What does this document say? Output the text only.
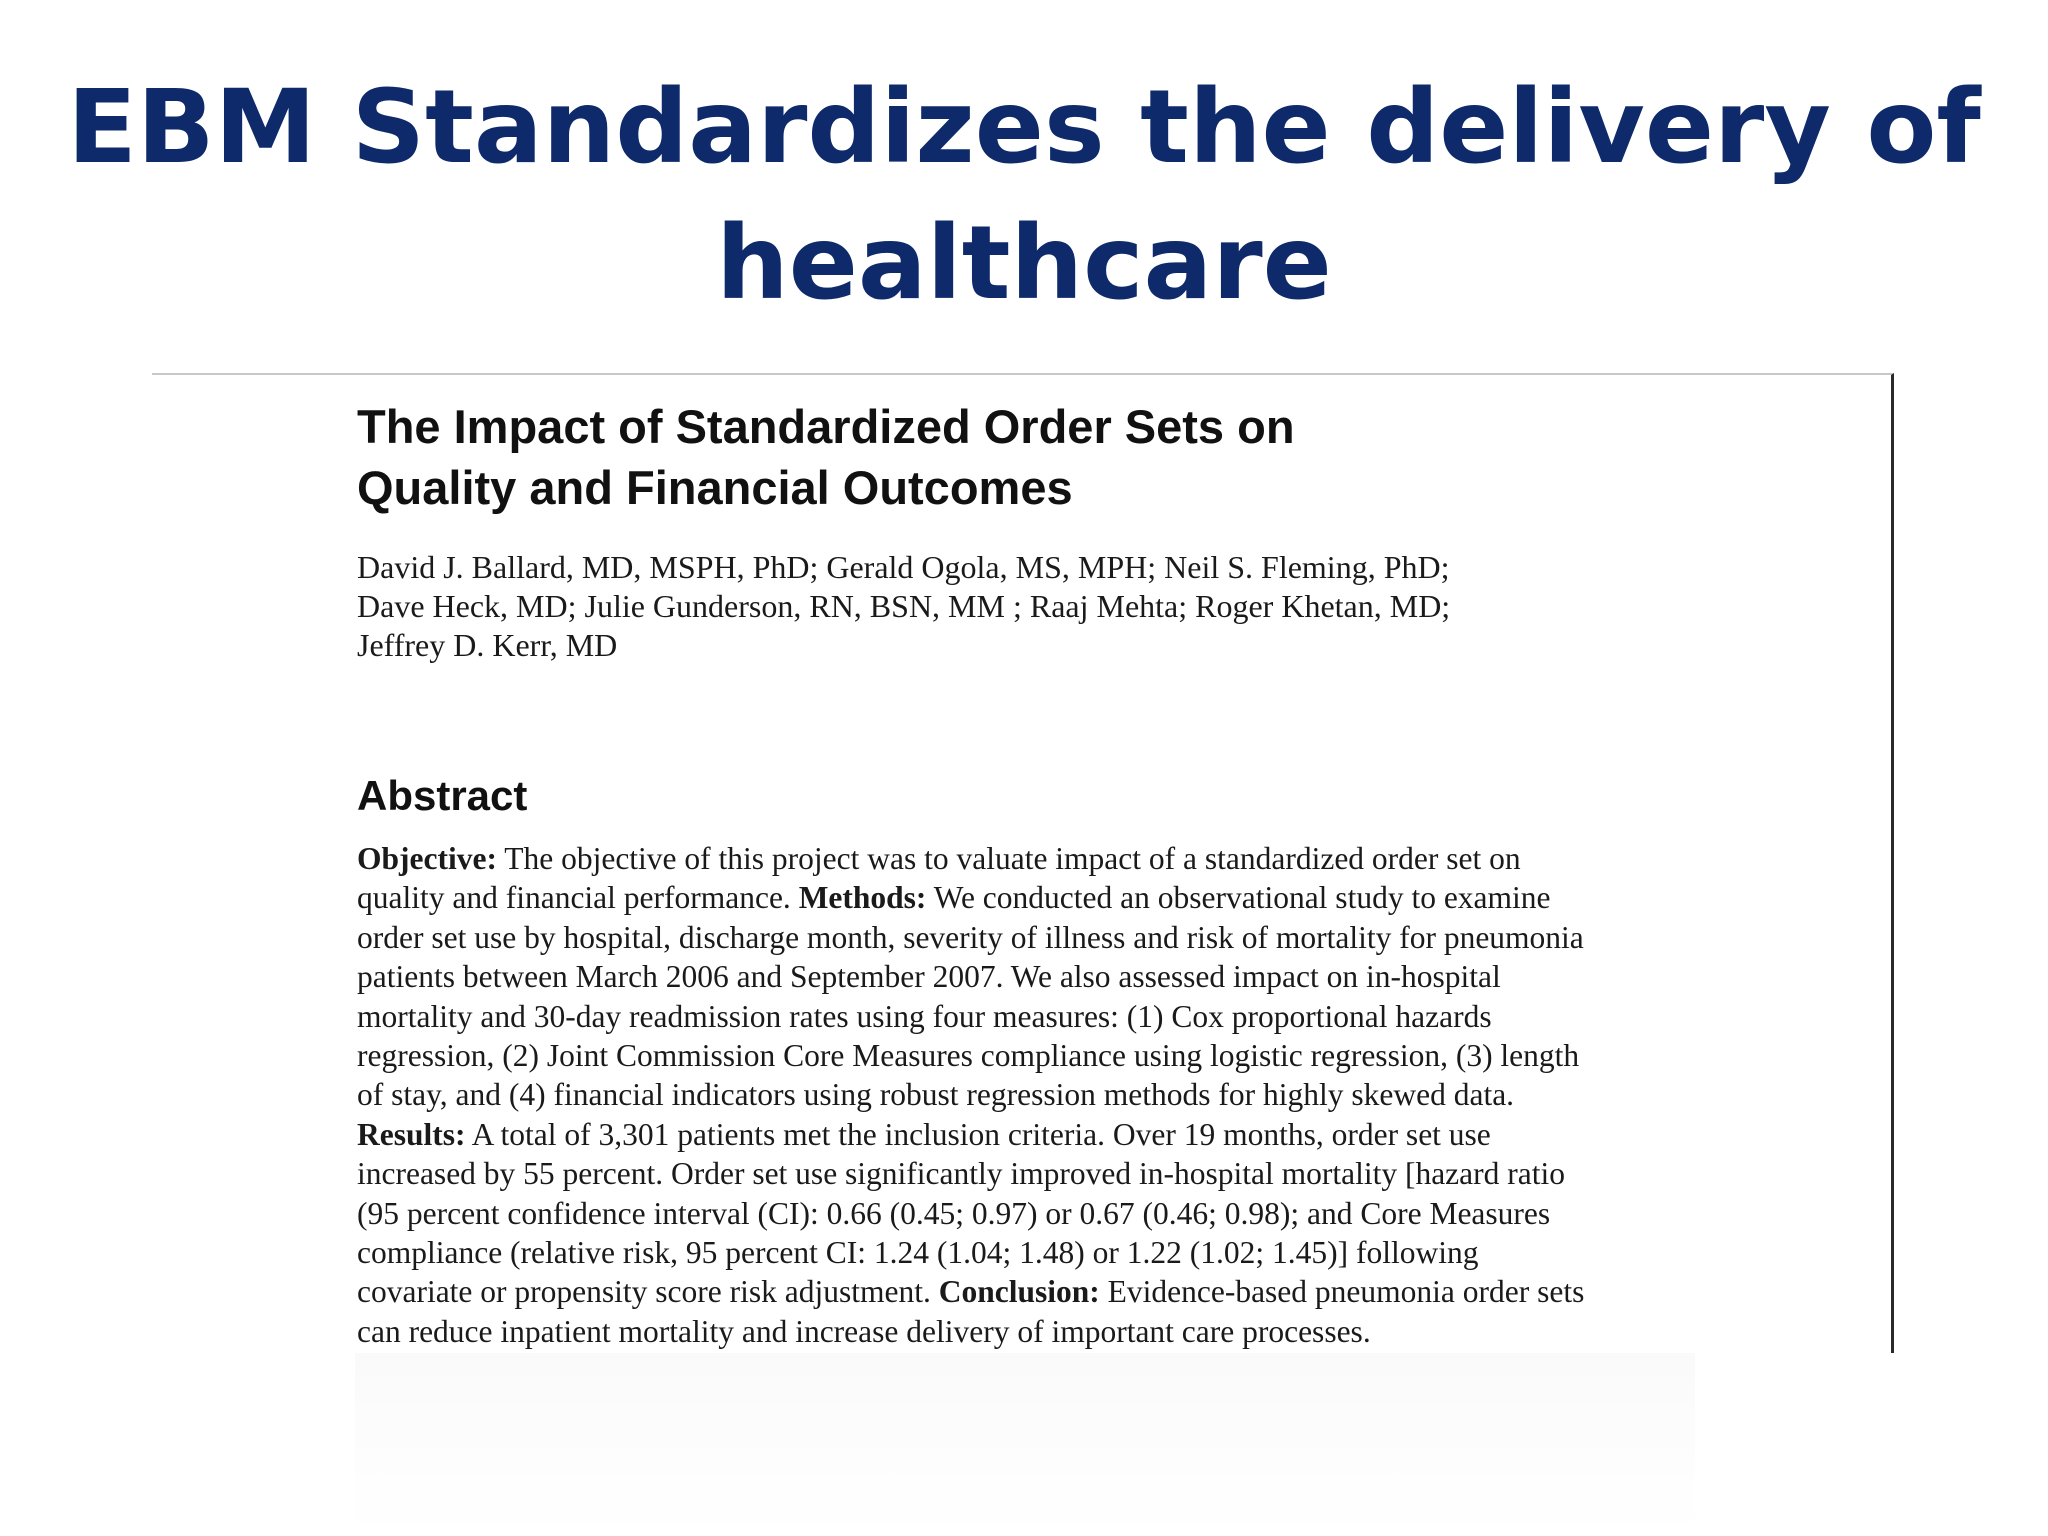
EBM Standardizes the delivery of
healthcare
The Impact of Standardized Order Sets on
Quality and Financial Outcomes
David J. Ballard, MD, MSPH, PhD; Gerald Ogola, MS, MPH; Neil S. Fleming, PhD;
Dave Heck, MD; Julie Gunderson, RN, BSN, MM ; Raaj Mehta; Roger Khetan, MD;
Jeffrey D. Kerr, MD
Abstract
Objective: The objective of this project was to valuate impact of a standardized order set on
quality and financial performance. Methods: We conducted an observational study to examine
order set use by hospital, discharge month, severity of illness and risk of mortality for pneumonia
patients between March 2006 and September 2007. We also assessed impact on in-hospital
mortality and 30-day readmission rates using four measures: (1) Cox proportional hazards
regression, (2) Joint Commission Core Measures compliance using logistic regression, (3) length
of stay, and (4) financial indicators using robust regression methods for highly skewed data.
Results: A total of 3,301 patients met the inclusion criteria. Over 19 months, order set use
increased by 55 percent. Order set use significantly improved in-hospital mortality [hazard ratio
(95 percent confidence interval (CI): 0.66 (0.45; 0.97) or 0.67 (0.46; 0.98); and Core Measures
compliance (relative risk, 95 percent CI: 1.24 (1.04; 1.48) or 1.22 (1.02; 1.45)] following
covariate or propensity score risk adjustment. Conclusion: Evidence-based pneumonia order sets
can reduce inpatient mortality and increase delivery of important care processes.
